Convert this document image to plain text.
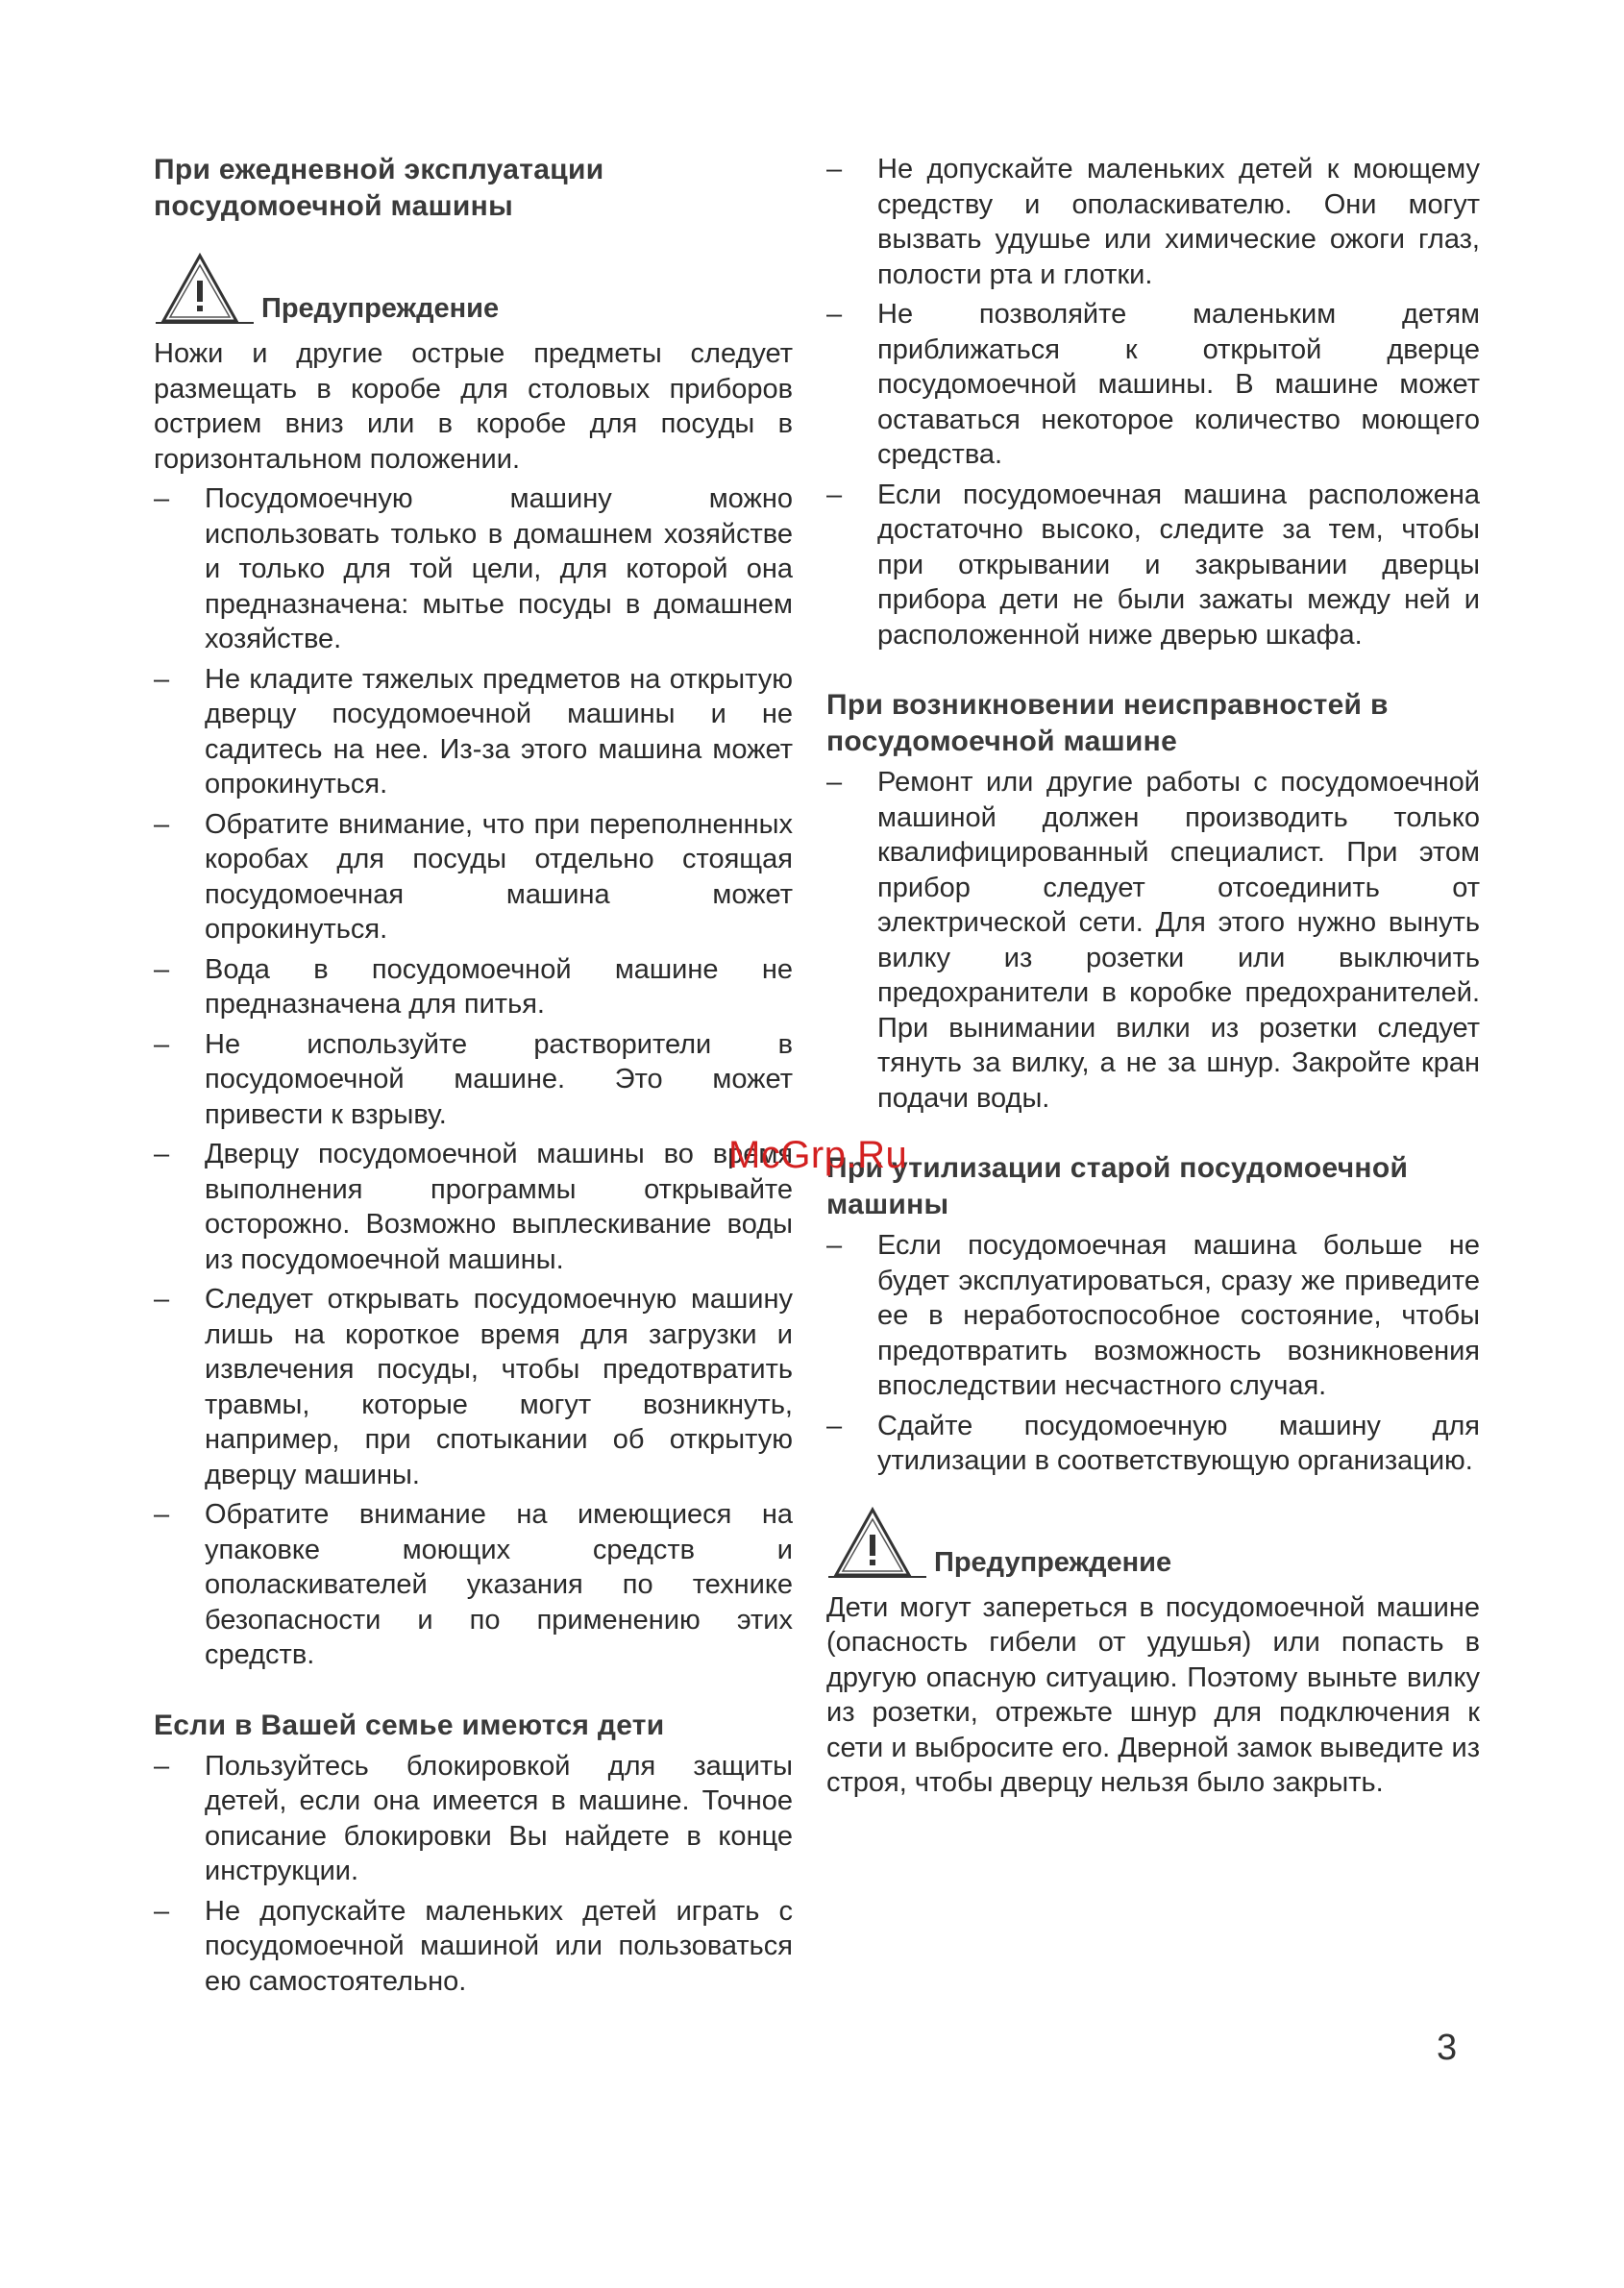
При ежедневной эксплуатации посудомоечной машины
Предупреждение

Ножи и другие острые предметы следует размещать в коробе для столовых приборов острием вниз или в коробе для посуды в горизонтальном положении.

– Посудомоечную машину можно использовать только в домашнем хозяйстве и только для той цели, для которой она предназначена: мытье посуды в домашнем хозяйстве.
– Не кладите тяжелых предметов на открытую дверцу посудомоечной машины и не садитесь на нее. Из-за этого машина может опрокинуться.
– Обратите внимание, что при переполненных коробах для посуды отдельно стоящая посудомоечная машина может опрокинуться.
– Вода в посудомоечной машине не предназначена для питья.
– Не используйте растворители в посудомоечной машине. Это может привести к взрыву.
– Дверцу посудомоечной машины во время выполнения программы открывайте осторожно. Возможно выплескивание воды из посудомоечной машины.
– Следует открывать посудомоечную машину лишь на короткое время для загрузки и извлечения посуды, чтобы предотвратить травмы, которые могут возникнуть, например, при спотыкании об открытую дверцу машины.
– Обратите внимание на имеющиеся на упаковке моющих средств и ополаскивателей указания по технике безопасности и по применению этих средств.
Если в Вашей семье имеются дети
– Пользуйтесь блокировкой для защиты детей, если она имеется в машине. Точное описание блокировки Вы найдете в конце инструкции.
– Не допускайте маленьких детей играть с посудомоечной машиной или пользоваться ею самостоятельно.
– Не допускайте маленьких детей к моющему средству и ополаскивателю. Они могут вызвать удушье или химические ожоги глаз, полости рта и глотки.
– Не позволяйте маленьким детям приближаться к открытой дверце посудомоечной машины. В машине может оставаться некоторое количество моющего средства.
– Если посудомоечная машина расположена достаточно высоко, следите за тем, чтобы при открывании и закрывании дверцы прибора дети не были зажаты между ней и расположенной ниже дверью шкафа.
При возникновении неисправностей в посудомоечной машине
– Ремонт или другие работы с посудомоечной машиной должен производить только квалифицированный специалист. При этом прибор следует отсоединить от электрической сети. Для этого нужно вынуть вилку из розетки или выключить предохранители в коробке предохранителей. При вынимании вилки из розетки следует тянуть за вилку, а не за шнур. Закройте кран подачи воды.
При утилизации старой посудомоечной машины
– Если посудомоечная машина больше не будет эксплуатироваться, сразу же приведите ее в неработоспособное состояние, чтобы предотвратить возможность возникновения впоследствии несчастного случая.
– Сдайте посудомоечную машину для утилизации в соответствующую организацию.
Предупреждение

Дети могут запереться в посудомоечной машине (опасность гибели от удушья) или попасть в другую опасную ситуацию. Поэтому выньте вилку из розетки, отрежьте шнур для подключения к сети и выбросите его. Дверной замок выведите из строя, чтобы дверцу нельзя было закрыть.

McGrp.Ru
3
